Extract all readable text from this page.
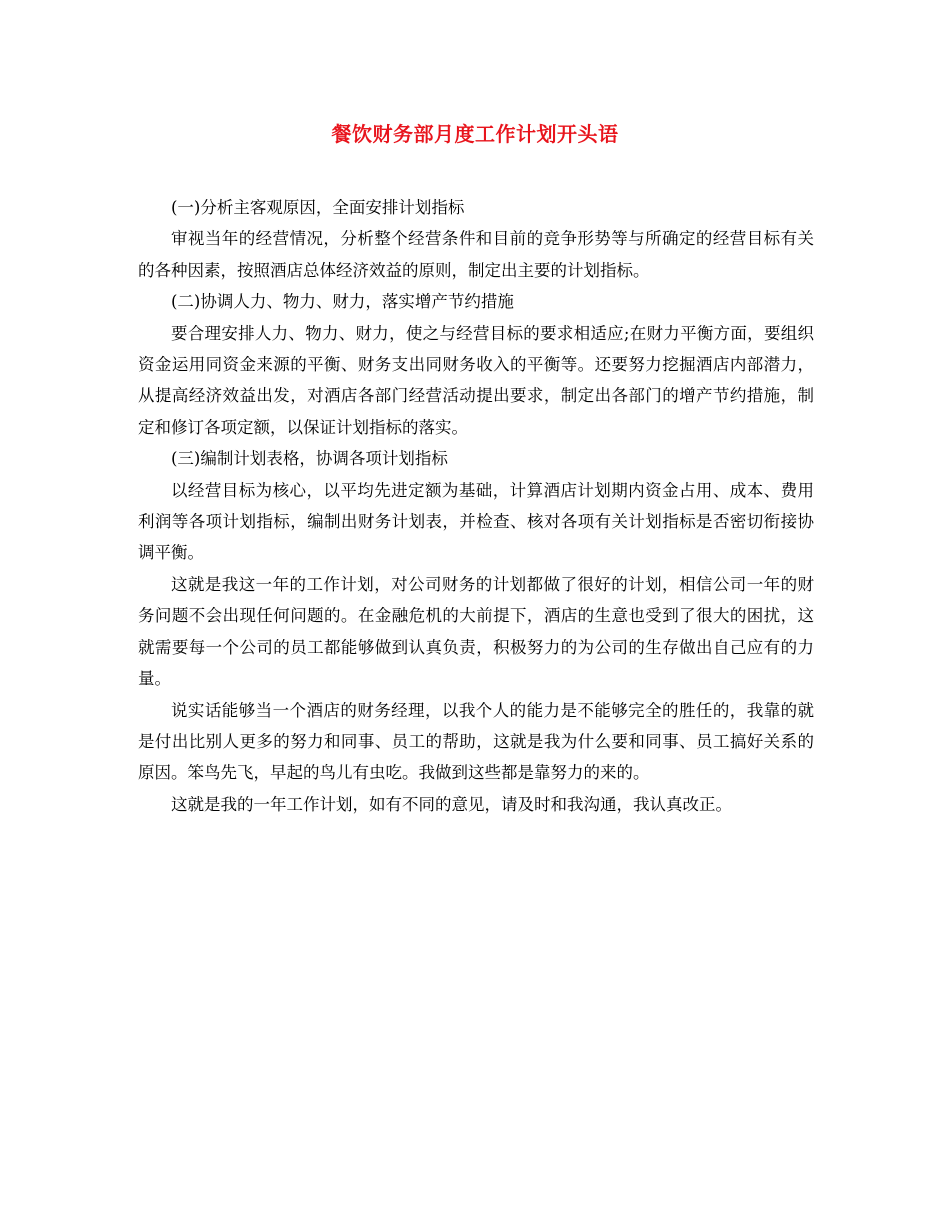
餐饮财务部月度工作计划开头语

(一)分析主客观原因，全面安排计划指标

审视当年的经营情况，分析整个经营条件和目前的竞争形势等与所确定的经营目标有关的各种因素，按照酒店总体经济效益的原则，制定出主要的计划指标。

(二)协调人力、物力、财力，落实增产节约措施

要合理安排人力、物力、财力，使之与经营目标的要求相适应;在财力平衡方面，要组织资金运用同资金来源的平衡、财务支出同财务收入的平衡等。还要努力挖掘酒店内部潜力，从提高经济效益出发，对酒店各部门经营活动提出要求，制定出各部门的增产节约措施，制定和修订各项定额，以保证计划指标的落实。

(三)编制计划表格，协调各项计划指标

以经营目标为核心，以平均先进定额为基础，计算酒店计划期内资金占用、成本、费用利润等各项计划指标，编制出财务计划表，并检查、核对各项有关计划指标是否密切衔接协调平衡。

这就是我这一年的工作计划，对公司财务的计划都做了很好的计划，相信公司一年的财务问题不会出现任何问题的。在金融危机的大前提下，酒店的生意也受到了很大的困扰，这就需要每一个公司的员工都能够做到认真负责，积极努力的为公司的生存做出自己应有的力量。

说实话能够当一个酒店的财务经理，以我个人的能力是不能够完全的胜任的，我靠的就是付出比别人更多的努力和同事、员工的帮助，这就是我为什么要和同事、员工搞好关系的原因。笨鸟先飞，早起的鸟儿有虫吃。我做到这些都是靠努力的来的。

这就是我的一年工作计划，如有不同的意见，请及时和我沟通，我认真改正。
